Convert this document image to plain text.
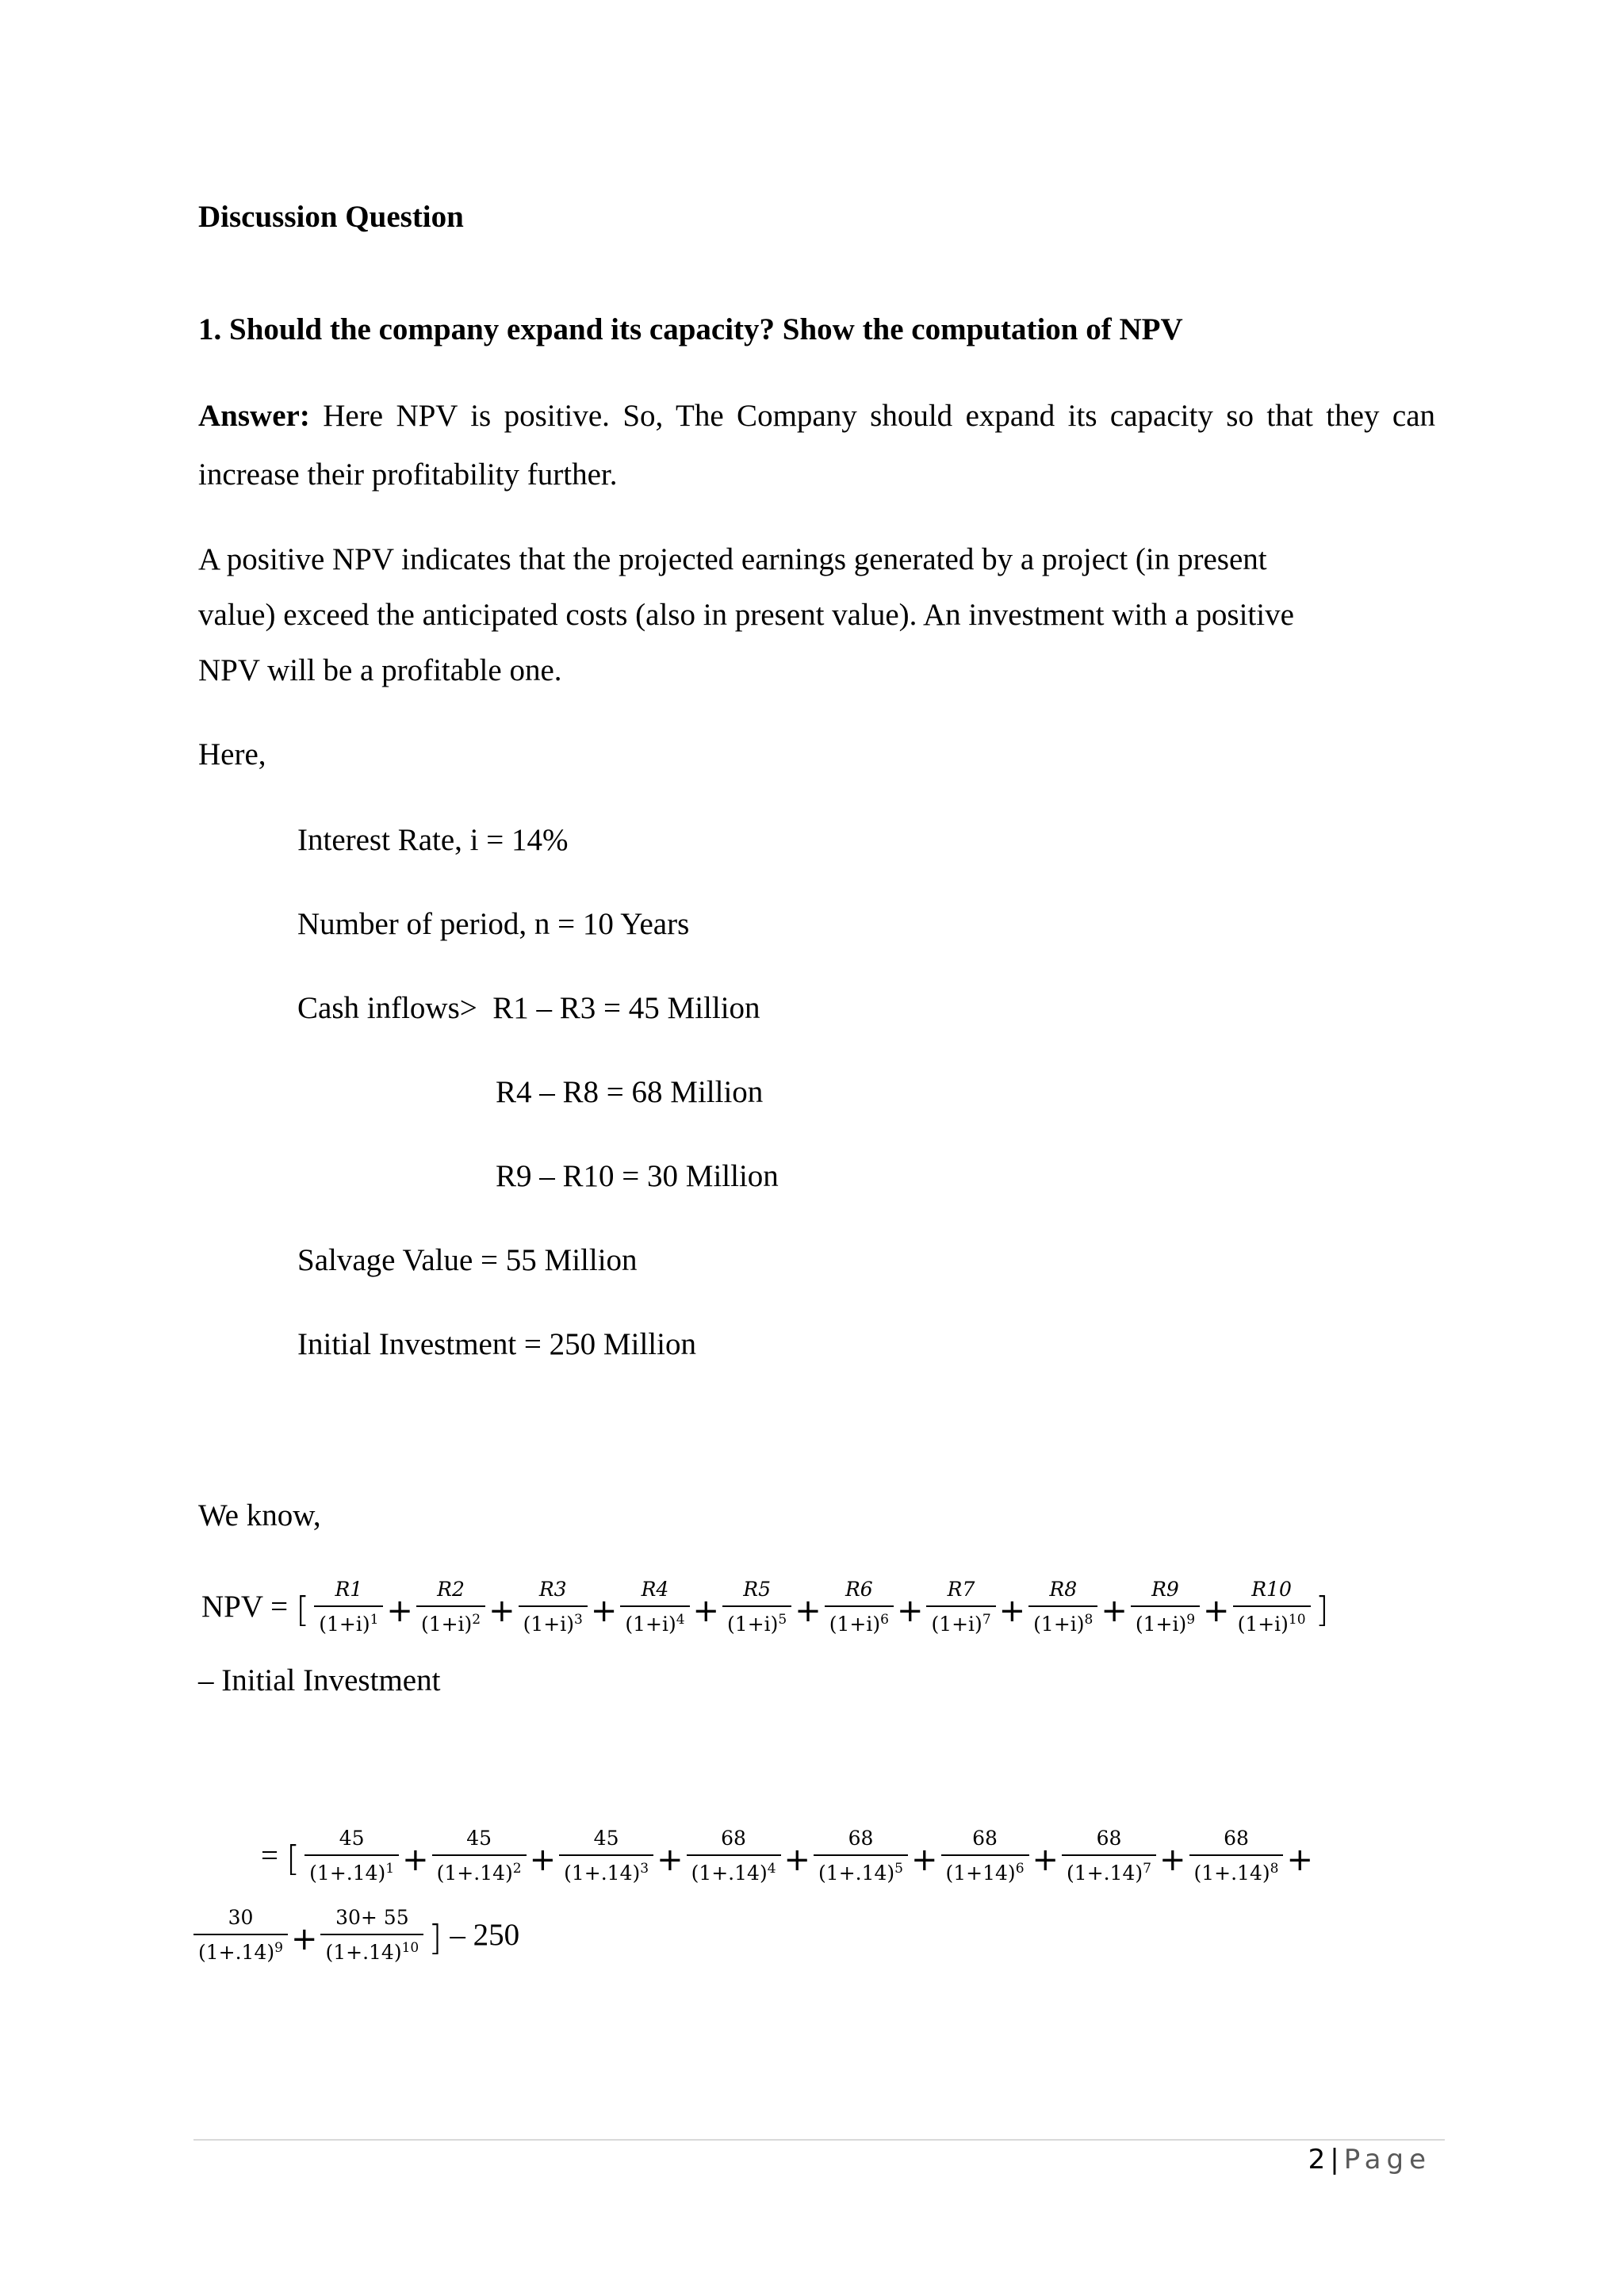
Discussion Question
1. Should the company expand its capacity? Show the computation of NPV
Answer: Here NPV is positive. So, The Company should expand its capacity so that they can
increase their profitability further.
A positive NPV indicates that the projected earnings generated by a project (in present
value) exceed the anticipated costs (also in present value). An investment with a positive
NPV will be a profitable one.
Here,
Interest Rate, i = 14%
Number of period, n = 10 Years
Cash inflows> R1 – R3 = 45 Million
R4 – R8 = 68 Million
R9 – R10 = 30 Million
Salvage Value = 55 Million
Initial Investment = 250 Million
We know,
NPV = [ $\frac{R1}{(1+i)^1} + \frac{R2}{(1+i)^2} + \frac{R3}{(1+i)^3} + \frac{R4}{(1+i)^4} + \frac{R5}{(1+i)^5} + \frac{R6}{(1+i)^6} + \frac{R7}{(1+i)^7} + \frac{R8}{(1+i)^8} + \frac{R9}{(1+i)^9} + \frac{R10}{(1+i)^{10}}$ ]
– Initial Investment
= [ $\frac{45}{(1+.14)^1} + \frac{45}{(1+.14)^2} + \frac{45}{(1+.14)^3} + \frac{68}{(1+.14)^4} + \frac{68}{(1+.14)^5} + \frac{68}{(1+14)^6} + \frac{68}{(1+.14)^7} + \frac{68}{(1+.14)^8}$ +
$\frac{30}{(1+.14)^9} + \frac{30+ 55}{(1+.14)^{10}}$ ] – 250
2 | Page
